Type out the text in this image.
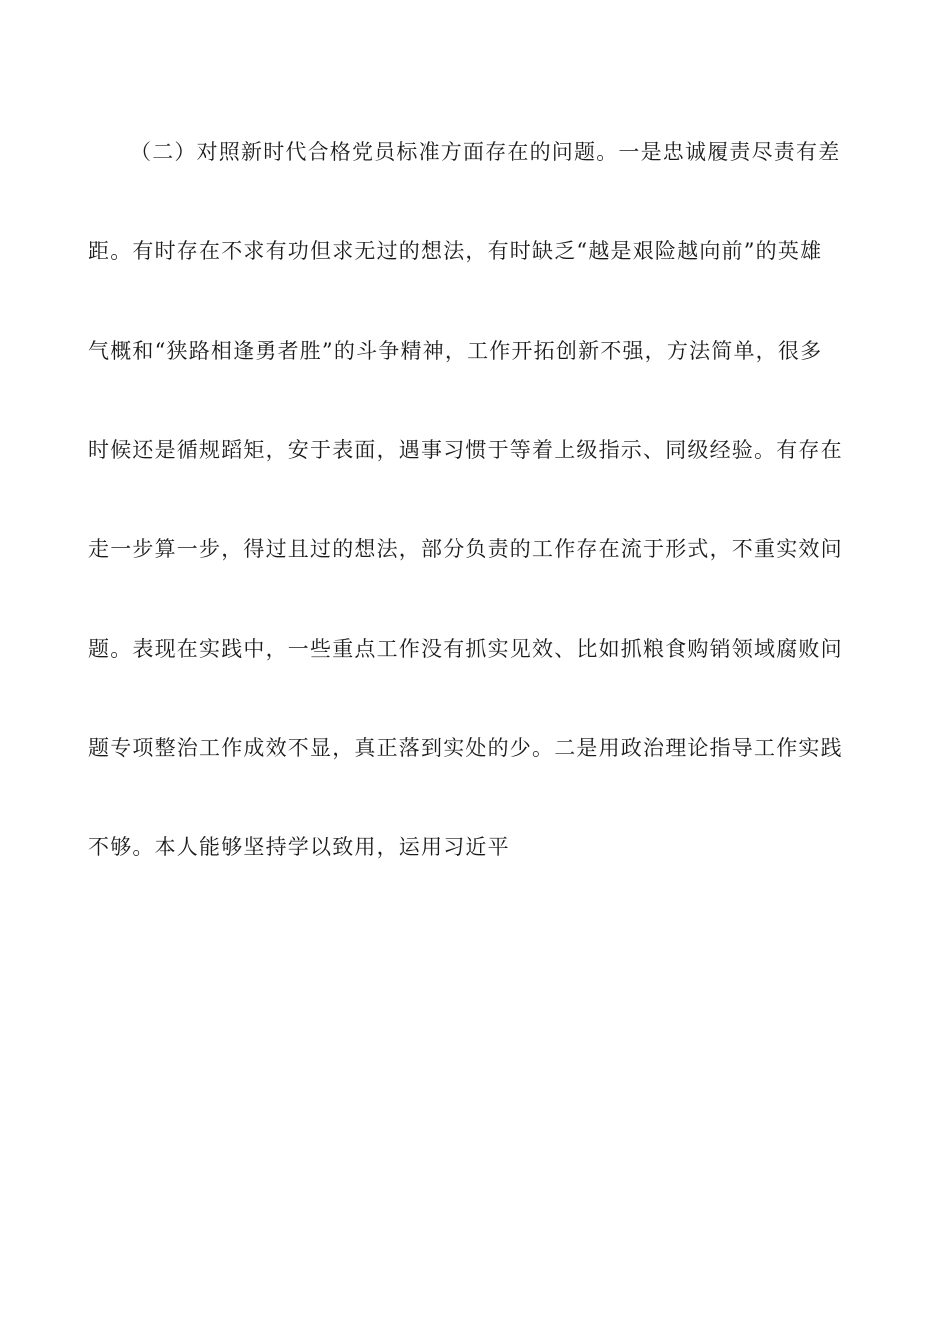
（二）对照新时代合格党员标准方面存在的问题。一是忠诚履责尽责有差
距。有时存在不求有功但求无过的想法，有时缺乏“越是艰险越向前”的英雄
气概和“狭路相逢勇者胜”的斗争精神，工作开拓创新不强，方法简单，很多
时候还是循规蹈矩，安于表面，遇事习惯于等着上级指示、同级经验。有存在
走一步算一步，得过且过的想法，部分负责的工作存在流于形式，不重实效问
题。表现在实践中，一些重点工作没有抓实见效、比如抓粮食购销领域腐败问
题专项整治工作成效不显，真正落到实处的少。二是用政治理论指导工作实践
不够。本人能够坚持学以致用，运用习近平
